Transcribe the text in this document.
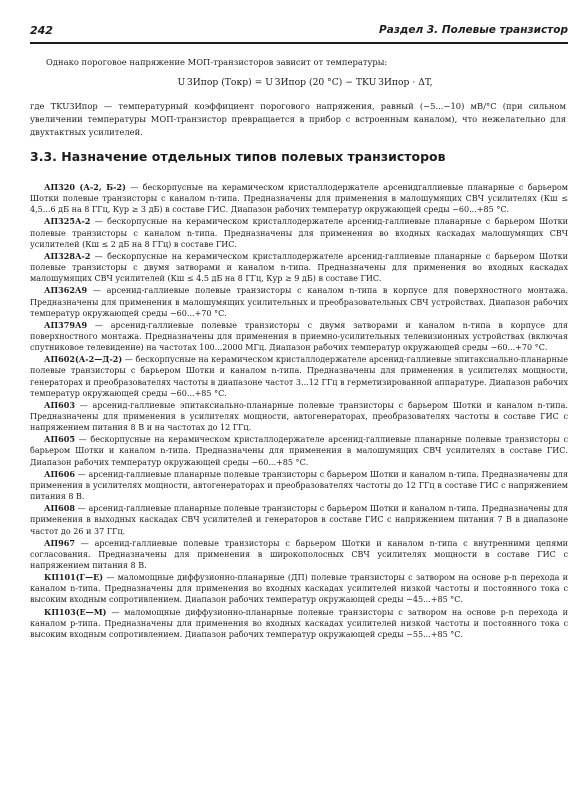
242	Раздел 3. Полевые транзистор

Однако пороговое напряжение МОП-транзисторов зависит от температуры:

U ЗИпор (Tокр) = U ЗИпор (20 °С) − TKU ЗИпор · ΔT,

где TKUЗИпор — температурный коэффициент порогового напряжения, равный (−5...−10) мВ/°С (при сильном увеличении температуры МОП-транзистор превращается в прибор с встроенным каналом), что нежелательно для двухтактных усилителей.

3.3. Назначение отдельных типов полевых транзисторов

АП320 (А-2, Б-2) — бескорпусные на керамическом кристаллодержателе арсенидгаллиевые планарные с барьером Шотки полевые транзисторы с каналом n-типа. Предназначены для применения в малошумящих СВЧ усилителях (Кш ≤ 4,5...6 дБ на 8 ГГц, Кур ≥ 3 дБ) в составе ГИС. Диапазон рабочих температур окружающей среды −60...+85 °С.

АП325А-2 — бескорпусные на керамическом кристаллодержателе арсенид-галлиевые планарные с барьером Шотки полевые транзисторы с каналом n-типа. Предназначены для применения во входных каскадах малошумящих СВЧ усилителей (Кш ≤ 2 дБ на 8 ГГц) в составе ГИС.

АП328А-2 — бескорпусные на керамическом кристаллодержателе арсенид-галлиевые планарные с барьером Шотки полевые транзисторы с двумя затворами и каналом n-типа. Предназначены для применения во входных каскадах малошумящих СВЧ усилителей (Кш ≤ 4.5 дБ на 8 ГГц, Кур ≥ 9 дБ) в составе ГИС.

АП362А9 — арсенид-галлиевые полевые транзисторы с каналом n-типа в корпусе для поверхностного монтажа. Предназначены для применения в малошумящих усилительных и преобразовательных СВЧ устройствах. Диапазон рабочих температур окружающей среды −60...+70 °С.

АП379А9 — арсенид-галлиевые полевые транзисторы с двумя затворами и каналом n-типа в корпусе для поверхностного монтажа. Предназначены для применения в приемно-усилительных телевизионных устройствах (включая спутниковое телевидение) на частотах 100...2000 МГц. Диапазон рабочих температур окружающей среды −60...+70 °С.

АП602(А-2—Д-2) — бескорпусные на керамическом кристаллодержателе арсенид-галлиевые эпитаксиально-планарные полевые транзисторы с барьером Шотки и каналом n-типа. Предназначены для применения в усилителях мощности, генераторах и преобразователях частоты в диапазоне частот 3...12 ГГц в герметизированной аппаратуре. Диапазон рабочих температур окружающей среды −60...+85 °С.

АП603 — арсенид-галлиевые эпитаксиально-планарные полевые транзисторы с барьером Шотки и каналом n-типа. Предназначены для применения в усилителях мощности, автогенераторах, преобразователях частоты в составе ГИС с напряжением питания 8 В и на частотах до 12 ГГц.

АП605 — бескорпусные на керамическом кристаллодержателе арсенид-галлиевые планарные полевые транзисторы с барьером Шотки и каналом n-типа. Предназначены для применения в малошумящих СВЧ усилителях в составе ГИС. Диапазон рабочих температур окружающей среды −60...+85 °С.

АП606 — арсенид-галлиевые планарные полевые транзисторы с барьером Шотки и каналом n-типа. Предназначены для применения в усилителях мощности, автогенераторах и преобразователях частоты до 12 ГГц в составе ГИС с напряжением питания 8 В.

АП608 — арсенид-галлиевые планарные полевые транзисторы с барьером Шотки и каналом n-типа. Предназначены для применения в выходных каскадах СВЧ усилителей и генераторов в составе ГИС с напряжением питания 7 В в диапазоне частот до 26 и 37 ГГц.

АП967 — арсенид-галлиевые полевые транзисторы с барьером Шотки и каналом n-типа с внутренними цепями согласования. Предназначены для применения в широкополосных СВЧ усилителях мощности в составе ГИС с напряжением питания 8 В.

КП101(Г—Е) — маломощные диффузионно-планарные (ДП) полевые транзисторы с затвором на основе p-n перехода и каналом n-типа. Предназначены для применения во входных каскадах усилителей низкой частоты и постоянного тока с высоким входным сопротивлением. Диапазон рабочих температур окружающей среды −45...+85 °С.

КП103(Е—М) — маломощные диффузионно-планарные полевые транзисторы с затвором на основе p-n перехода и каналом p-типа. Предназначены для применения во входных каскадах усилителей низкой частоты и постоянного тока с высоким входным сопротивлением. Диапазон рабочих температур окружающей среды −55...+85 °С.
